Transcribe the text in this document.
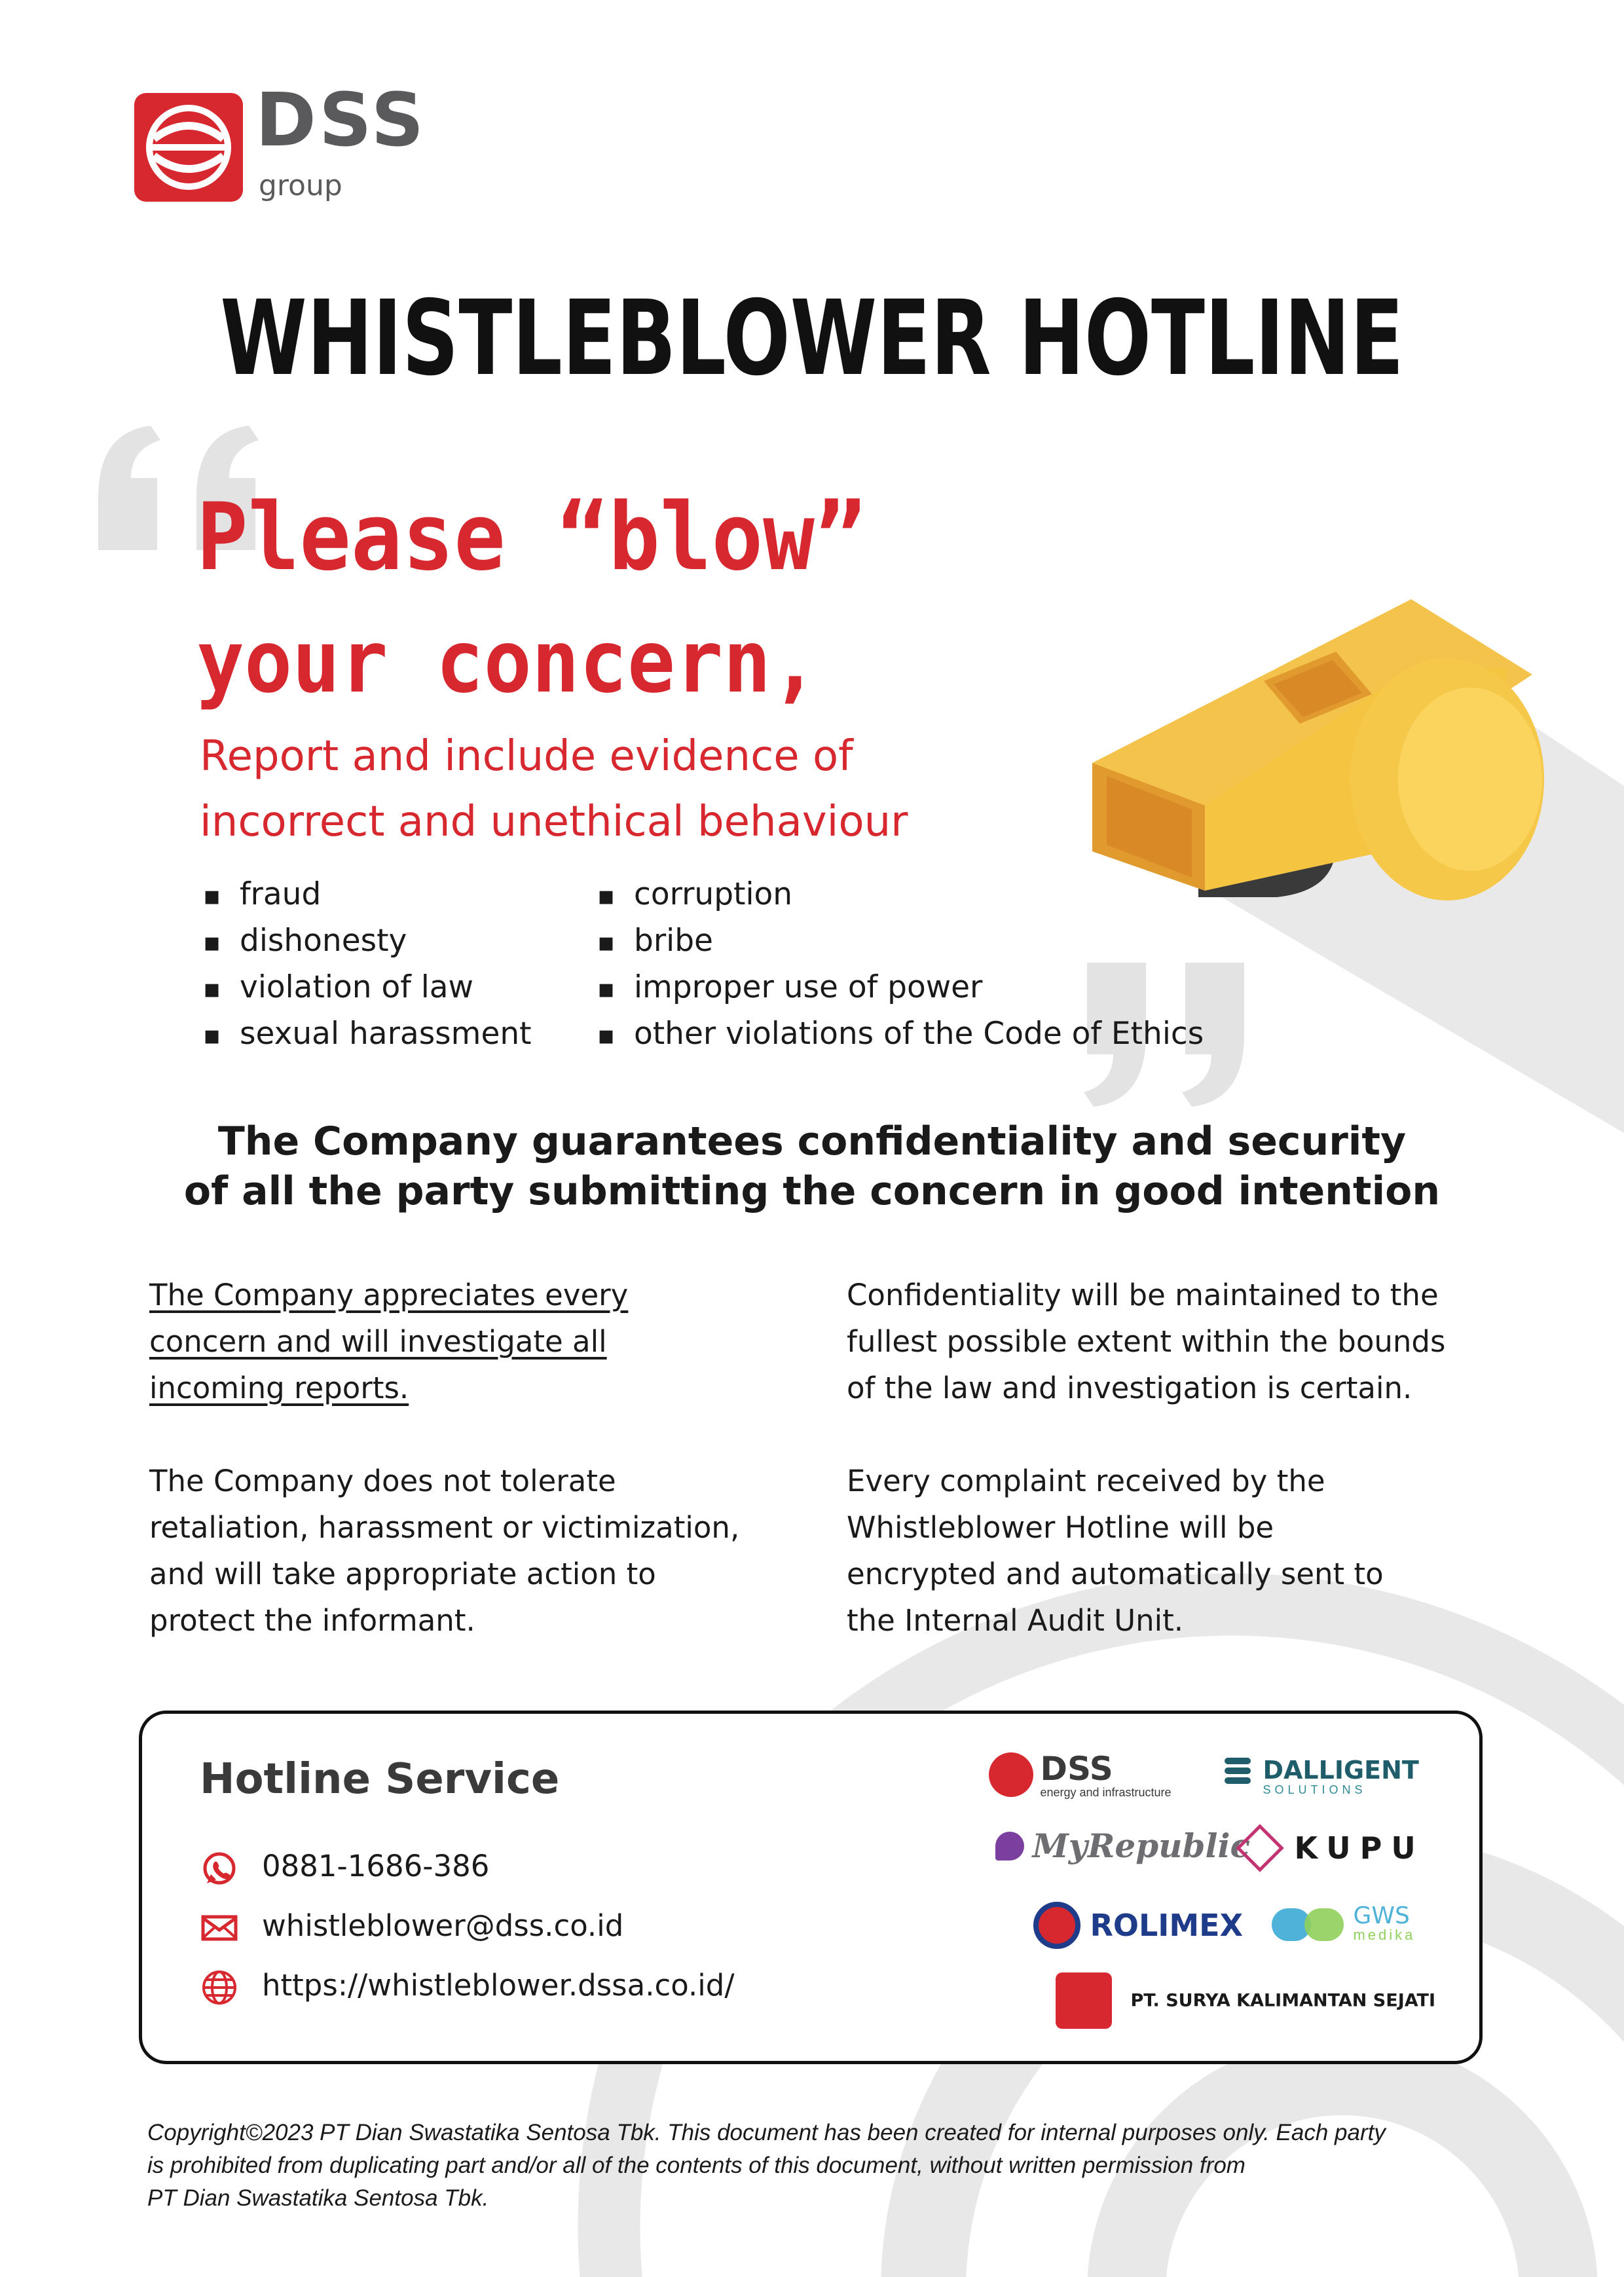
DSS
group
WHISTLEBLOWER HOTLINE
Please “blow”
your concern,
Report and include evidence of
incorrect and unethical behaviour
▪ fraud
▪ dishonesty
▪ violation of law
▪ sexual harassment
▪ corruption
▪ bribe
▪ improper use of power
▪ other violations of the Code of Ethics
The Company guarantees confidentiality and security
of all the party submitting the concern in good intention
The Company appreciates every
concern and will investigate all
incoming reports.
The Company does not tolerate
retaliation, harassment or victimization,
and will take appropriate action to
protect the informant.
Confidentiality will be maintained to the
fullest possible extent within the bounds
of the law and investigation is certain.
Every complaint received by the
Whistleblower Hotline will be
encrypted and automatically sent to
the Internal Audit Unit.
Hotline Service
0881-1686-386
whistleblower@dss.co.id
https://whistleblower.dssa.co.id/

DSS
energy and infrastructure

DALLIGENT
SOLUTIONS
MyRepublic	KUPU
ROLIMEX
	GWS
medika
PT. SURYA KALIMANTAN SEJATI
Copyright©2023 PT Dian Swastatika Sentosa Tbk. This document has been created for internal purposes only. Each party
is prohibited from duplicating part and/or all of the contents of this document, without written permission from
PT Dian Swastatika Sentosa Tbk.
